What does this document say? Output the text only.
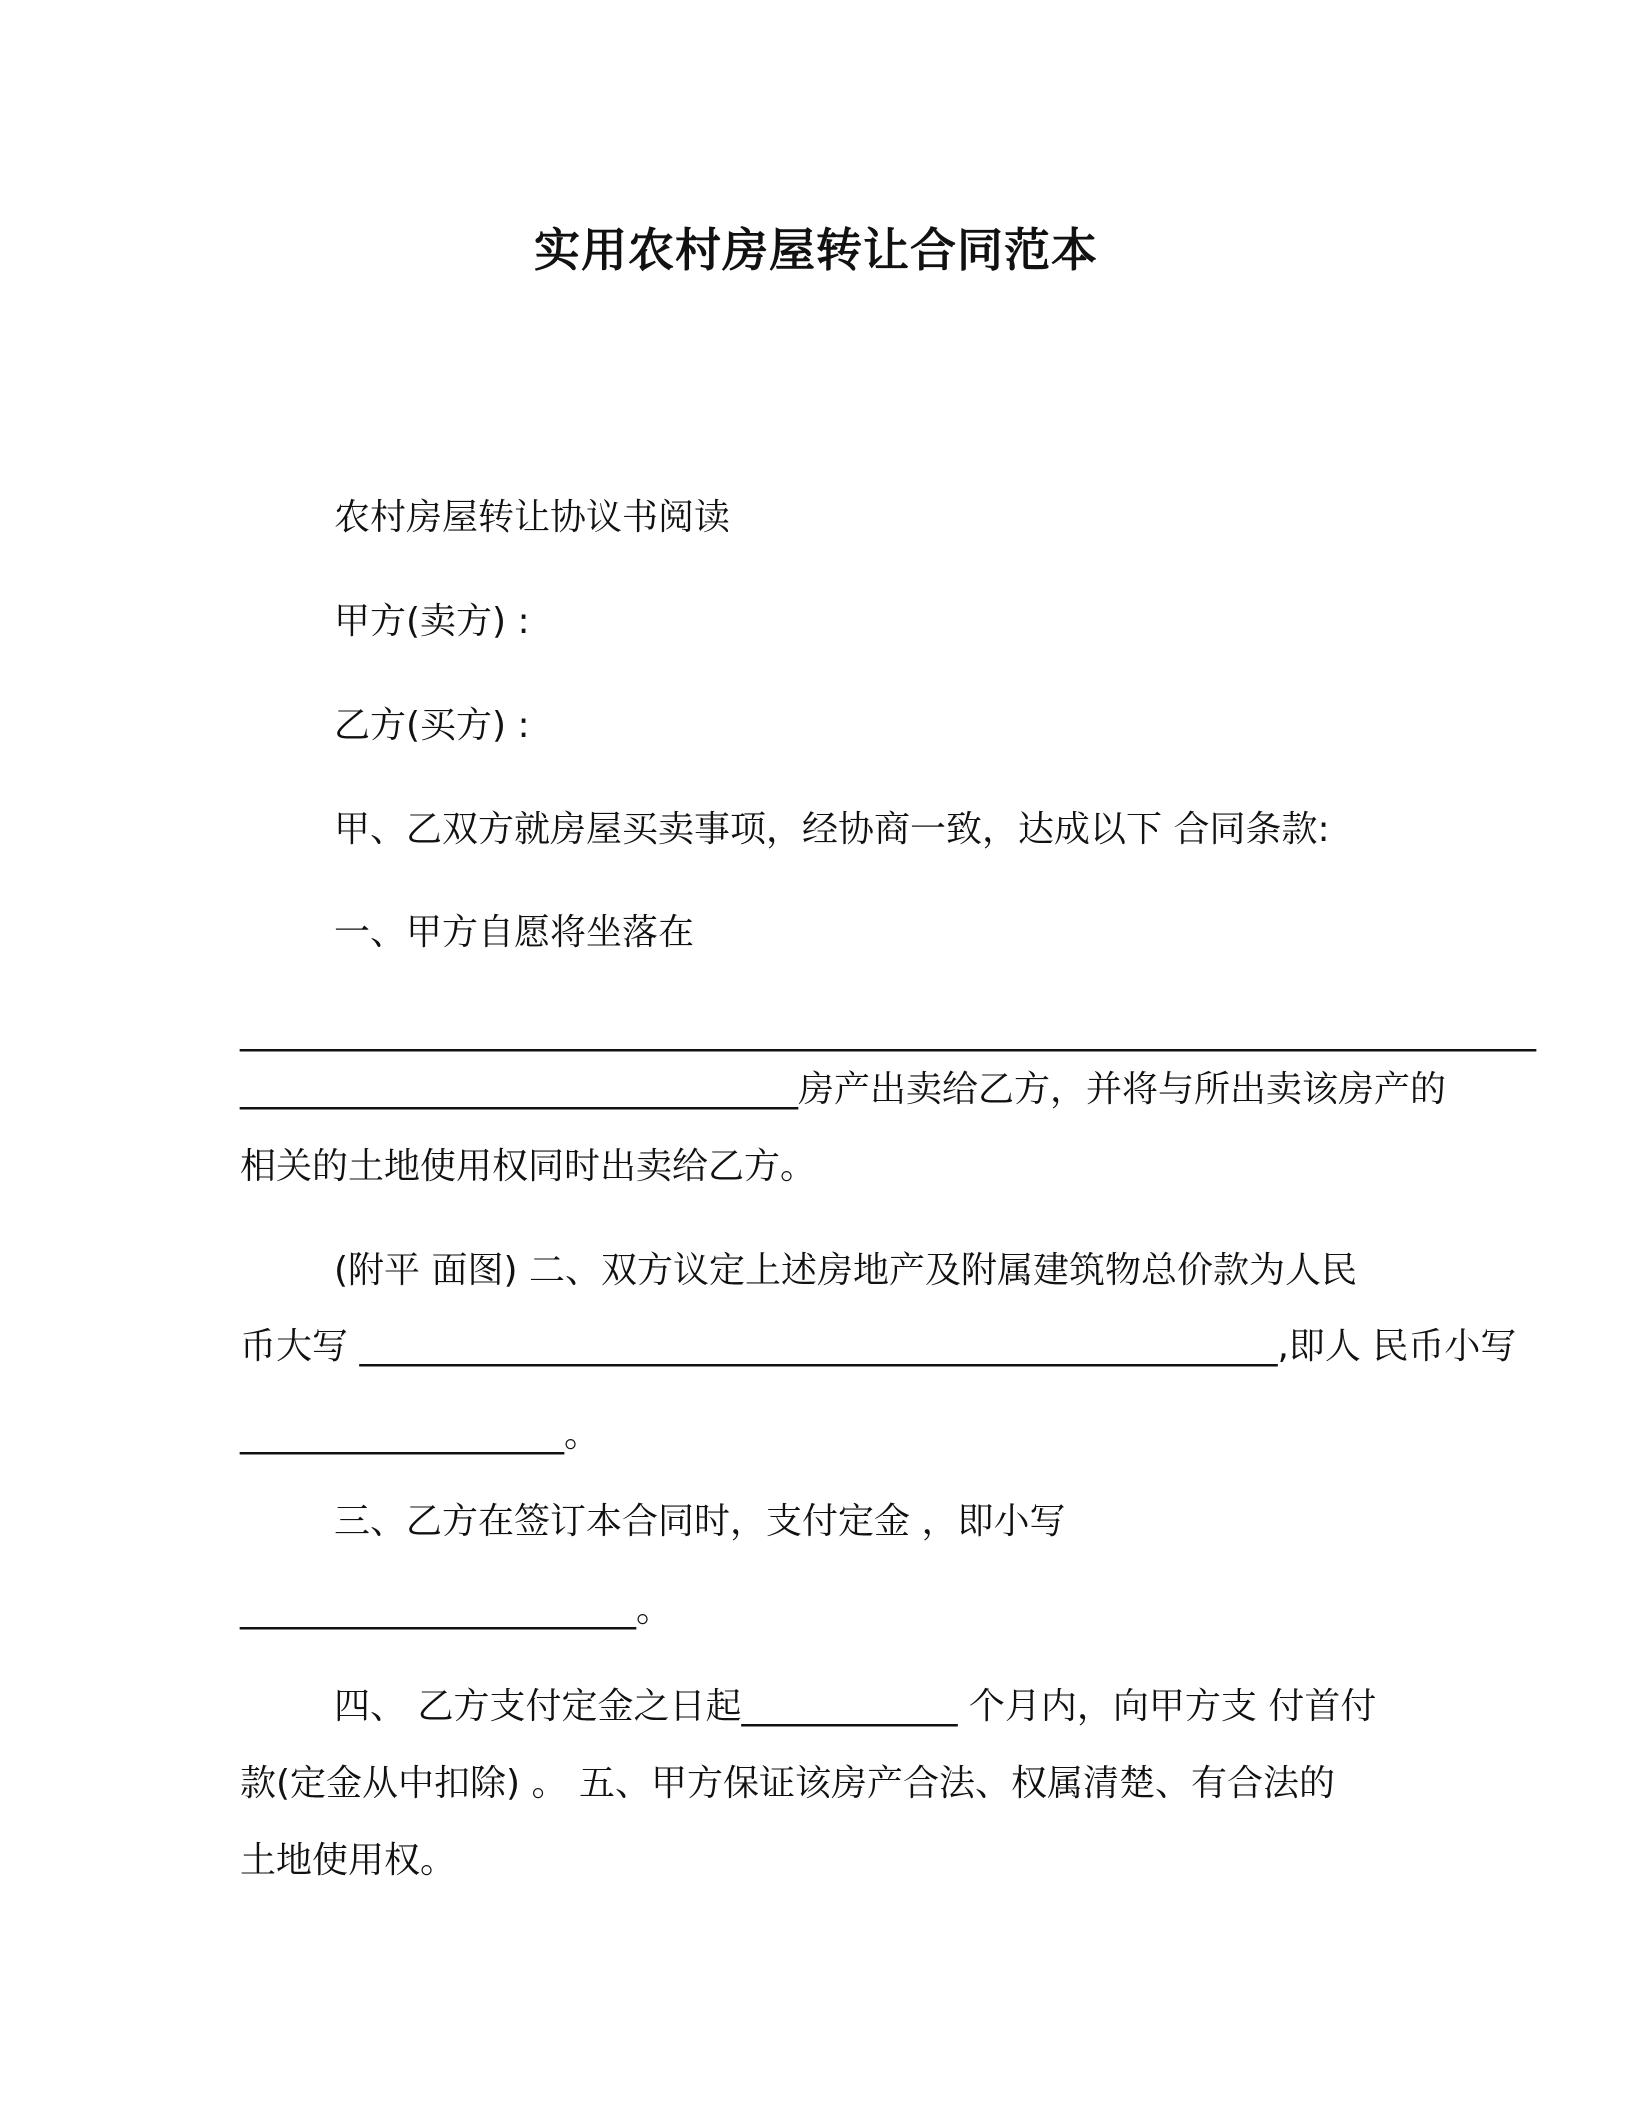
实用农村房屋转让合同范本
农村房屋转让协议书阅读
甲方(卖方) :
乙方(买方) :
甲、乙双方就房屋买卖事项，经协商一致，达成以下 合同条款:
一、甲方自愿将坐落在
________________________________________________________________________
_______________________________房产出卖给乙方，并将与所出卖该房产的
相关的土地使用权同时出卖给乙方。
(附平 面图) 二、双方议定上述房地产及附属建筑物总价款为人民
币大写 ___________________________________________________,即人 民币小写
__________________。
三、乙方在签订本合同时，支付定金 ，即小写
______________________。
四、 乙方支付定金之日起____________ 个月内，向甲方支 付首付
款(定金从中扣除) 。 五、甲方保证该房产合法、权属清楚、有合法的
土地使用权。
